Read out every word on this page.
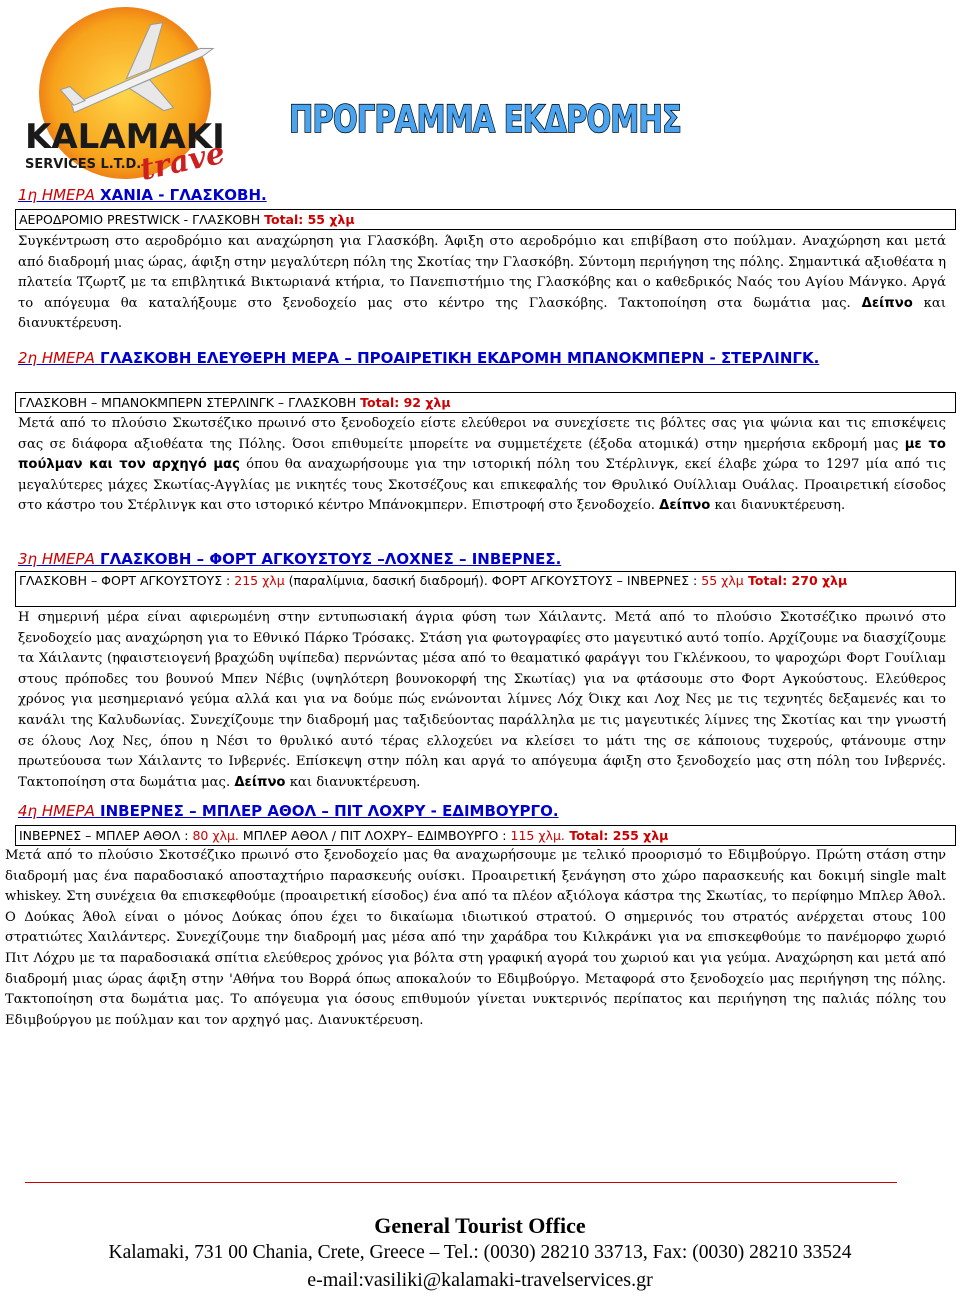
KALAMAKI
SERVICES L.T.D.
travel
ΠΡΟΓΡΑΜΜΑ ΕΚΔΡΟΜΗΣ
1η ΗΜΕΡΑ ΧΑΝΙΑ - ΓΛΑΣΚΟΒΗ.
ΑΕΡΟΔΡΟΜΙΟ PRESTWICK - ΓΛΑΣΚΟΒΗ Total: 55 χλμ
Συγκέντρωση στο αεροδρόμιο και αναχώρηση για Γλασκόβη. Άφιξη στο αεροδρόμιο και επιβίβαση στο πούλμαν. Αναχώρηση και μετά από διαδρομή μιας ώρας, άφιξη στην μεγαλύτερη πόλη της Σκοτίας την Γλασκόβη. Σύντομη περιήγηση της πόλης. Σημαντικά αξιοθέατα η πλατεία Τζωρτζ με τα επιβλητικά Βικτωριανά κτήρια, το Πανεπιστήμιο της Γλασκόβης και ο καθεδρικός Ναός του Αγίου Μάνγκο. Αργά το απόγευμα θα καταλήξουμε στο ξενοδοχείο μας στο κέντρο της Γλασκόβης. Τακτοποίηση στα δωμάτια μας. Δείπνο και διανυκτέρευση.
2η ΗΜΕΡΑ ΓΛΑΣΚΟΒΗ ΕΛΕΥΘΕΡΗ ΜΕΡΑ – ΠΡΟΑΙΡΕΤΙΚΗ ΕΚΔΡΟΜΗ ΜΠΑΝΟΚΜΠΕΡΝ - ΣΤΕΡΛΙΝΓΚ.
ΓΛΑΣΚΟΒΗ – ΜΠΑΝΟΚΜΠΕΡΝ ΣΤΕΡΛΙΝΓΚ – ΓΛΑΣΚΟΒΗ Total: 92 χλμ
Μετά από το πλούσιο Σκωτσέζικο πρωινό στο ξενοδοχείο είστε ελεύθεροι να συνεχίσετε τις βόλτες σας για ψώνια και τις επισκέψεις σας σε διάφορα αξιοθέατα της Πόλης. Όσοι επιθυμείτε μπορείτε να συμμετέχετε (έξοδα ατομικά) στην ημερήσια εκδρομή μας με το πούλμαν και τον αρχηγό μας όπου θα αναχωρήσουμε για την ιστορική πόλη του Στέρλινγκ, εκεί έλαβε χώρα το 1297 μία από τις μεγαλύτερες μάχες Σκωτίας-Αγγλίας με νικητές τους Σκοτσέζους και επικεφαλής τον Θρυλικό Ουίλλιαμ Ουάλας. Προαιρετική είσοδος στο κάστρο του Στέρλινγκ και στο ιστορικό κέντρο Μπάνοκμπερν. Επιστροφή στο ξενοδοχείο. Δείπνο και διανυκτέρευση.
3η ΗΜΕΡΑ ΓΛΑΣΚΟΒΗ – ΦΟΡΤ ΑΓΚΟΥΣΤΟΥΣ –ΛΟΧΝΕΣ – ΙΝΒΕΡΝΕΣ.
ΓΛΑΣΚΟΒΗ – ΦΟΡΤ ΑΓΚΟΥΣΤΟΥΣ : 215 χλμ (παραλίμνια, δασική διαδρομή). ΦΟΡΤ ΑΓΚΟΥΣΤΟΥΣ – ΙΝΒΕΡΝΕΣ : 55 χλμ Total: 270 χλμ
Η σημερινή μέρα είναι αφιερωμένη στην εντυπωσιακή άγρια φύση των Χάιλαντς. Μετά από το πλούσιο Σκοτσέζικο πρωινό στο ξενοδοχείο μας αναχώρηση για το Εθνικό Πάρκο Τρόσακς. Στάση για φωτογραφίες στο μαγευτικό αυτό τοπίο. Αρχίζουμε να διασχίζουμε τα Χάιλαντς (ηφαιστειογενή βραχώδη υψίπεδα) περνώντας μέσα από το θεαματικό φαράγγι του Γκλένκοου, το ψαροχώρι Φορτ Γουίλιαμ στους πρόποδες του βουνού Μπεν Νέβις (υψηλότερη βουνοκορφή της Σκωτίας) για να φτάσουμε στο Φορτ Αγκούστους. Ελεύθερος χρόνος για μεσημεριανό γεύμα αλλά και για να δούμε πώς ενώνονται λίμνες Λόχ Όικχ και Λοχ Νες με τις τεχνητές δεξαμενές και το κανάλι της Καλυδωνίας. Συνεχίζουμε την διαδρομή μας ταξιδεύοντας παράλληλα με τις μαγευτικές λίμνες της Σκοτίας και την γνωστή σε όλους Λοχ Νες, όπου η Νέσι το θρυλικό αυτό τέρας ελλοχεύει να κλείσει το μάτι της σε κάποιους τυχερούς, φτάνουμε στην πρωτεύουσα των Χάιλαντς το Ινβερνές. Επίσκεψη στην πόλη και αργά το απόγευμα άφιξη στο ξενοδοχείο μας στη πόλη του Ινβερνές. Τακτοποίηση στα δωμάτια μας. Δείπνο και διανυκτέρευση.
4η ΗΜΕΡΑ ΙΝΒΕΡΝΕΣ – ΜΠΛΕΡ ΑΘΟΛ – ΠΙΤ ΛΟΧΡΥ - ΕΔΙΜΒΟΥΡΓΟ.
ΙΝΒΕΡΝΕΣ – ΜΠΛΕΡ ΑΘΟΛ : 80 χλμ. ΜΠΛΕΡ ΑΘΟΛ / ΠΙΤ ΛΟΧΡΥ– ΕΔΙΜΒΟΥΡΓΟ : 115 χλμ. Total: 255 χλμ
Μετά από το πλούσιο Σκοτσέζικο πρωινό στο ξενοδοχείο μας θα αναχωρήσουμε με τελικό προορισμό το Εδιμβούργο. Πρώτη στάση στην διαδρομή μας ένα παραδοσιακό αποσταχτήριο παρασκευής ουίσκι. Προαιρετική ξενάγηση στο χώρο παρασκευής και δοκιμή single malt whiskey. Στη συνέχεια θα επισκεφθούμε (προαιρετική είσοδος) ένα από τα πλέον αξιόλογα κάστρα της Σκωτίας, το περίφημο Μπλερ Άθολ. Ο Δούκας Άθολ είναι ο μόνος Δούκας όπου έχει το δικαίωμα ιδιωτικού στρατού. Ο σημερινός του στρατός ανέρχεται στους 100 στρατιώτες Χαιλάντερς. Συνεχίζουμε την διαδρομή μας μέσα από την χαράδρα του Κιλκράνκι για να επισκεφθούμε το πανέμορφο χωριό Πιτ Λόχρυ με τα παραδοσιακά σπίτια ελεύθερος χρόνος για βόλτα στη γραφική αγορά του χωριού και για γεύμα. Αναχώρηση και μετά από διαδρομή μιας ώρας άφιξη στην 'Αθήνα του Βορρά όπως αποκαλούν το Εδιμβούργο. Μεταφορά στο ξενοδοχείο μας περιήγηση της πόλης. Τακτοποίηση στα δωμάτια μας. Το απόγευμα για όσους επιθυμούν γίνεται νυκτερινός περίπατος και περιήγηση της παλιάς πόλης του Εδιμβούργου με πούλμαν και τον αρχηγό μας. Διανυκτέρευση.
General Tourist Office
Kalamaki, 731 00 Chania, Crete, Greece – Tel.: (0030) 28210 33713, Fax: (0030) 28210 33524
e-mail:vasiliki@kalamaki-travelservices.gr
